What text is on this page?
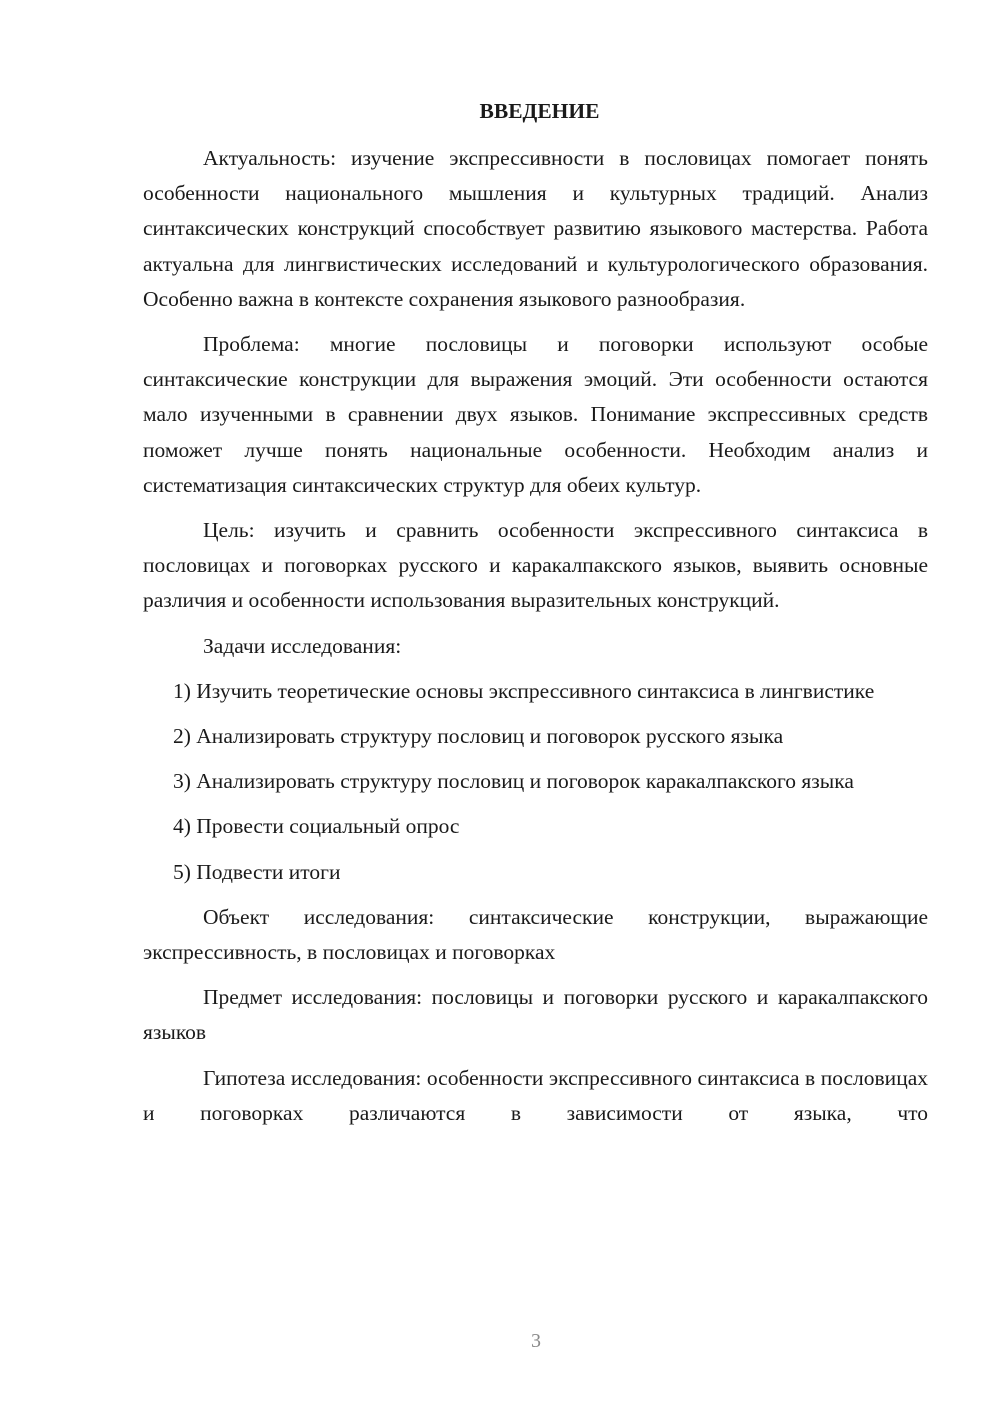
ВВЕДЕНИЕ

Актуальность: изучение экспрессивности в пословицах помогает понять особенности национального мышления и культурных традиций. Анализ синтаксических конструкций способствует развитию языкового мастерства. Работа актуальна для лингвистических исследований и культурологического образования. Особенно важна в контексте сохранения языкового разнообразия.

Проблема: многие пословицы и поговорки используют особые синтаксические конструкции для выражения эмоций. Эти особенности остаются мало изученными в сравнении двух языков. Понимание экспрессивных средств поможет лучше понять национальные особенности. Необходим анализ и систематизация синтаксических структур для обеих культур.

Цель: изучить и сравнить особенности экспрессивного синтаксиса в пословицах и поговорках русского и каракалпакского языков, выявить основные различия и особенности использования выразительных конструкций.

Задачи исследования:

1) Изучить теоретические основы экспрессивного синтаксиса в лингвистике

2) Анализировать структуру пословиц и поговорок русского языка

3) Анализировать структуру пословиц и поговорок каракалпакского языка

4) Провести социальный опрос

5) Подвести итоги

Объект исследования: синтаксические конструкции, выражающие экспрессивность, в пословицах и поговорках

Предмет исследования: пословицы и поговорки русского и каракалпакского языков

Гипотеза исследования: особенности экспрессивного синтаксиса в пословицах и поговорках различаются в зависимости от языка, что

3
